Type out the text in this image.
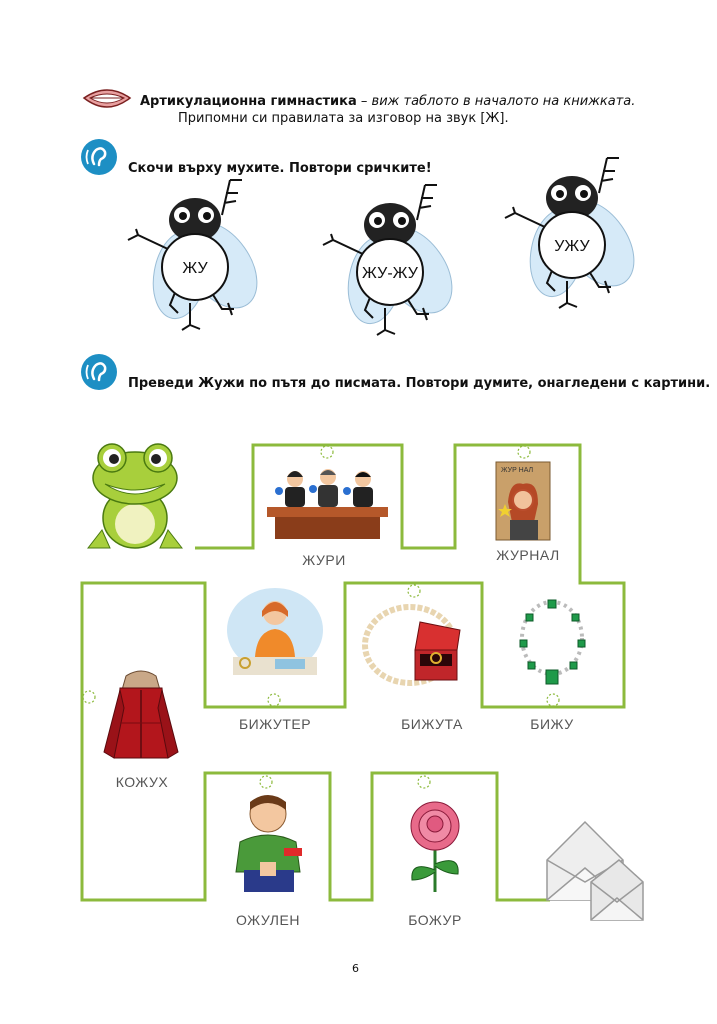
Артикулационна гимнастика – виж таблото в началото на книжката.
Припомни си правилата за изговор на звук [Ж].
Скочи върху мухите. Повтори сричките!
ЖУ	ЖУ-ЖУ
УЖУ
Преведи Жужи по пътя до писмата. Повтори думите, онагледени с картини.
ЖУРИ
ЖУР НАЛ
ЖУРНАЛ
БИЖУТЕР	БИЖУТА	БИЖУ
КОЖУХ
ОЖУЛЕН	БОЖУР
6
